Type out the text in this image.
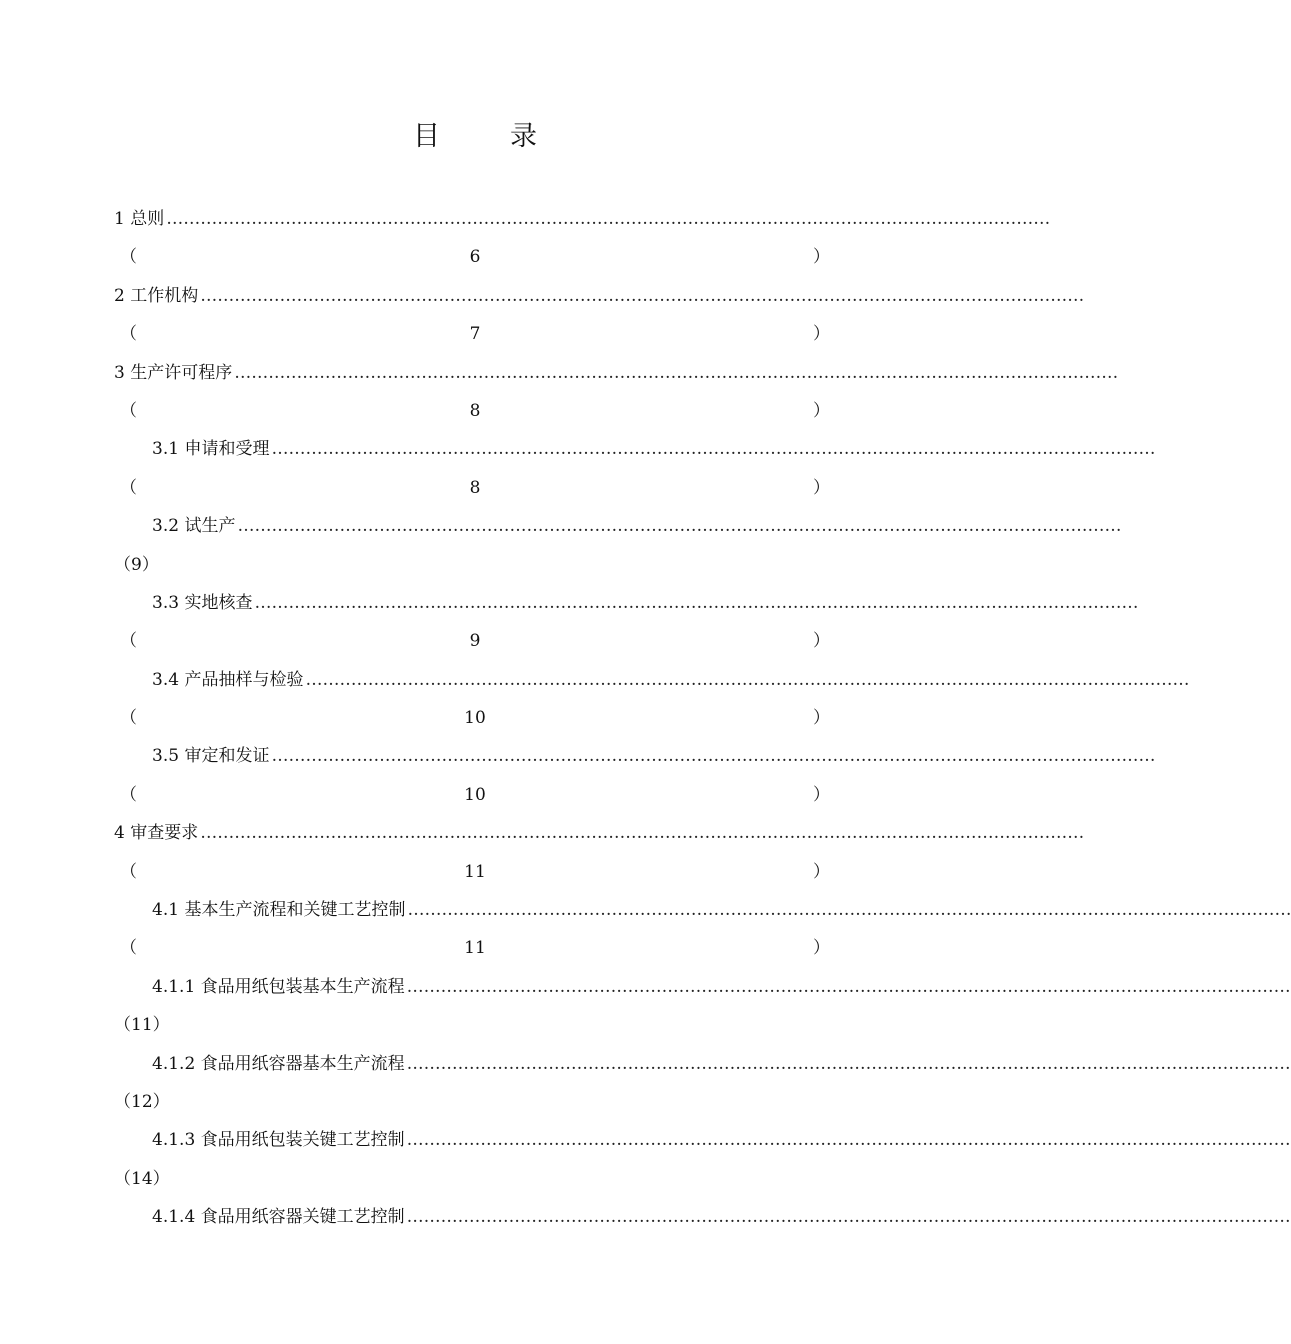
目	录
1 总则 …………………………………………………………………………………………………………………………………………
（	6	）
2 工作机构 …………………………………………………………………………………………………………………………………………
（	7	）
3 生产许可程序 …………………………………………………………………………………………………………………………………………
（	8	）
3.1 申请和受理 …………………………………………………………………………………………………………………………………………
（	8	）
3.2 试生产 …………………………………………………………………………………………………………………………………………
（9）
3.3 实地核查 …………………………………………………………………………………………………………………………………………
（	9	）
3.4 产品抽样与检验 …………………………………………………………………………………………………………………………………………
（	10	）
3.5 审定和发证 …………………………………………………………………………………………………………………………………………
（	10	）
4 审查要求 …………………………………………………………………………………………………………………………………………
（	11	）
4.1 基本生产流程和关键工艺控制 …………………………………………………………………………………………………………………………………………
（	11	）
4.1.1 食品用纸包装基本生产流程 …………………………………………………………………………………………………………………………………………
（11）
4.1.2 食品用纸容器基本生产流程 …………………………………………………………………………………………………………………………………………
（12）
4.1.3 食品用纸包装关键工艺控制 …………………………………………………………………………………………………………………………………………
（14）
4.1.4 食品用纸容器关键工艺控制 …………………………………………………………………………………………………………………………………………
